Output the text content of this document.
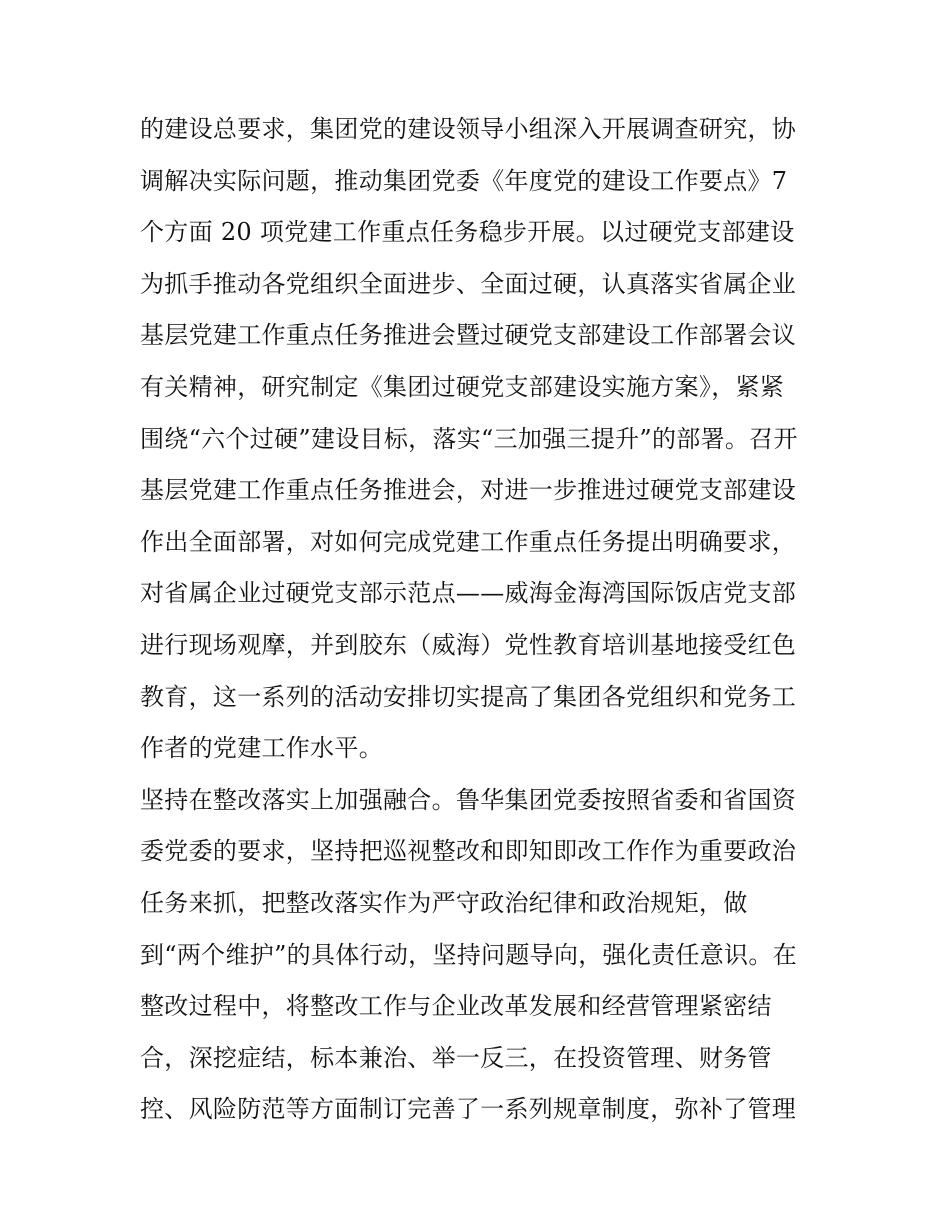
的建设总要求，集团党的建设领导小组深入开展调查研究，协
调解决实际问题，推动集团党委《年度党的建设工作要点》7
个方面 20 项党建工作重点任务稳步开展。以过硬党支部建设
为抓手推动各党组织全面进步、全面过硬，认真落实省属企业
基层党建工作重点任务推进会暨过硬党支部建设工作部署会议
有关精神，研究制定《集团过硬党支部建设实施方案》，紧紧
围绕“六个过硬”建设目标，落实“三加强三提升”的部署。召开
基层党建工作重点任务推进会，对进一步推进过硬党支部建设
作出全面部署，对如何完成党建工作重点任务提出明确要求，
对省属企业过硬党支部示范点——威海金海湾国际饭店党支部
进行现场观摩，并到胶东（威海）党性教育培训基地接受红色
教育，这一系列的活动安排切实提高了集团各党组织和党务工
作者的党建工作水平。
坚持在整改落实上加强融合。鲁华集团党委按照省委和省国资
委党委的要求，坚持把巡视整改和即知即改工作作为重要政治
任务来抓，把整改落实作为严守政治纪律和政治规矩，做
到“两个维护”的具体行动，坚持问题导向，强化责任意识。在
整改过程中，将整改工作与企业改革发展和经营管理紧密结
合，深挖症结，标本兼治、举一反三，在投资管理、财务管
控、风险防范等方面制订完善了一系列规章制度，弥补了管理
